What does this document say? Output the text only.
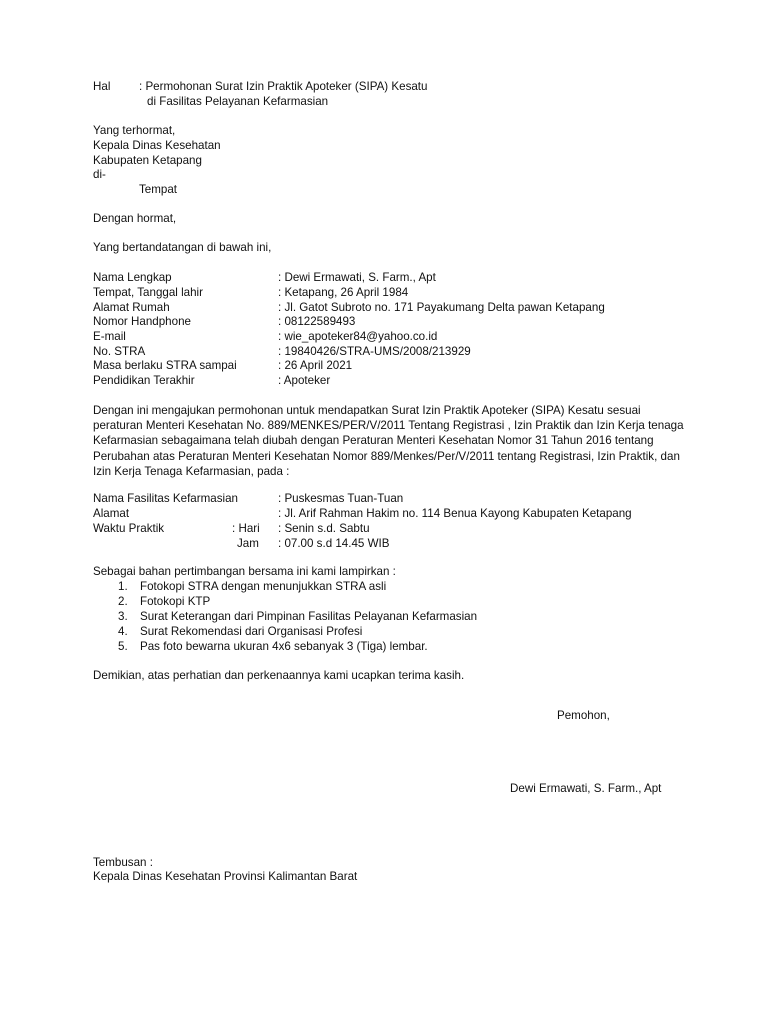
Hal : Permohonan Surat Izin Praktik Apoteker (SIPA) Kesatu
di Fasilitas Pelayanan Kefarmasian
Yang terhormat,
Kepala Dinas Kesehatan
Kabupaten Ketapang
di-
Tempat
Dengan hormat,
Yang bertandatangan di bawah ini,
Nama Lengkap	: Dewi Ermawati, S. Farm., Apt
Tempat, Tanggal lahir	: Ketapang, 26 April 1984
Alamat Rumah	: Jl. Gatot Subroto no. 171 Payakumang Delta pawan Ketapang
Nomor Handphone	: 08122589493
E-mail	: wie_apoteker84@yahoo.co.id
No. STRA	: 19840426/STRA-UMS/2008/213929
Masa berlaku STRA sampai	: 26 April 2021
Pendidikan Terakhir	: Apoteker
Dengan ini mengajukan permohonan untuk mendapatkan Surat Izin Praktik Apoteker (SIPA) Kesatu sesuai peraturan Menteri Kesehatan No. 889/MENKES/PER/V/2011 Tentang Registrasi , Izin Praktik dan Izin Kerja tenaga Kefarmasian sebagaimana telah diubah dengan Peraturan Menteri Kesehatan Nomor 31 Tahun 2016 tentang Perubahan atas Peraturan Menteri Kesehatan Nomor 889/Menkes/Per/V/2011 tentang Registrasi, Izin Praktik, dan Izin Kerja Tenaga Kefarmasian, pada :
Nama Fasilitas Kefarmasian	: Puskesmas Tuan-Tuan
Alamat	: Jl. Arif Rahman Hakim no. 114 Benua Kayong Kabupaten Ketapang
Waktu Praktik	: Hari : Senin s.d. Sabtu
Jam : 07.00 s.d 14.45 WIB
Sebagai bahan pertimbangan bersama ini kami lampirkan :
1. Fotokopi STRA dengan menunjukkan STRA asli
2. Fotokopi KTP
3. Surat Keterangan dari Pimpinan Fasilitas Pelayanan Kefarmasian
4. Surat Rekomendasi dari Organisasi Profesi
5. Pas foto bewarna ukuran 4x6 sebanyak 3 (Tiga) lembar.
Demikian, atas perhatian dan perkenaannya kami ucapkan terima kasih.
Pemohon,
Dewi Ermawati, S. Farm., Apt
Tembusan :
Kepala Dinas Kesehatan Provinsi Kalimantan Barat
